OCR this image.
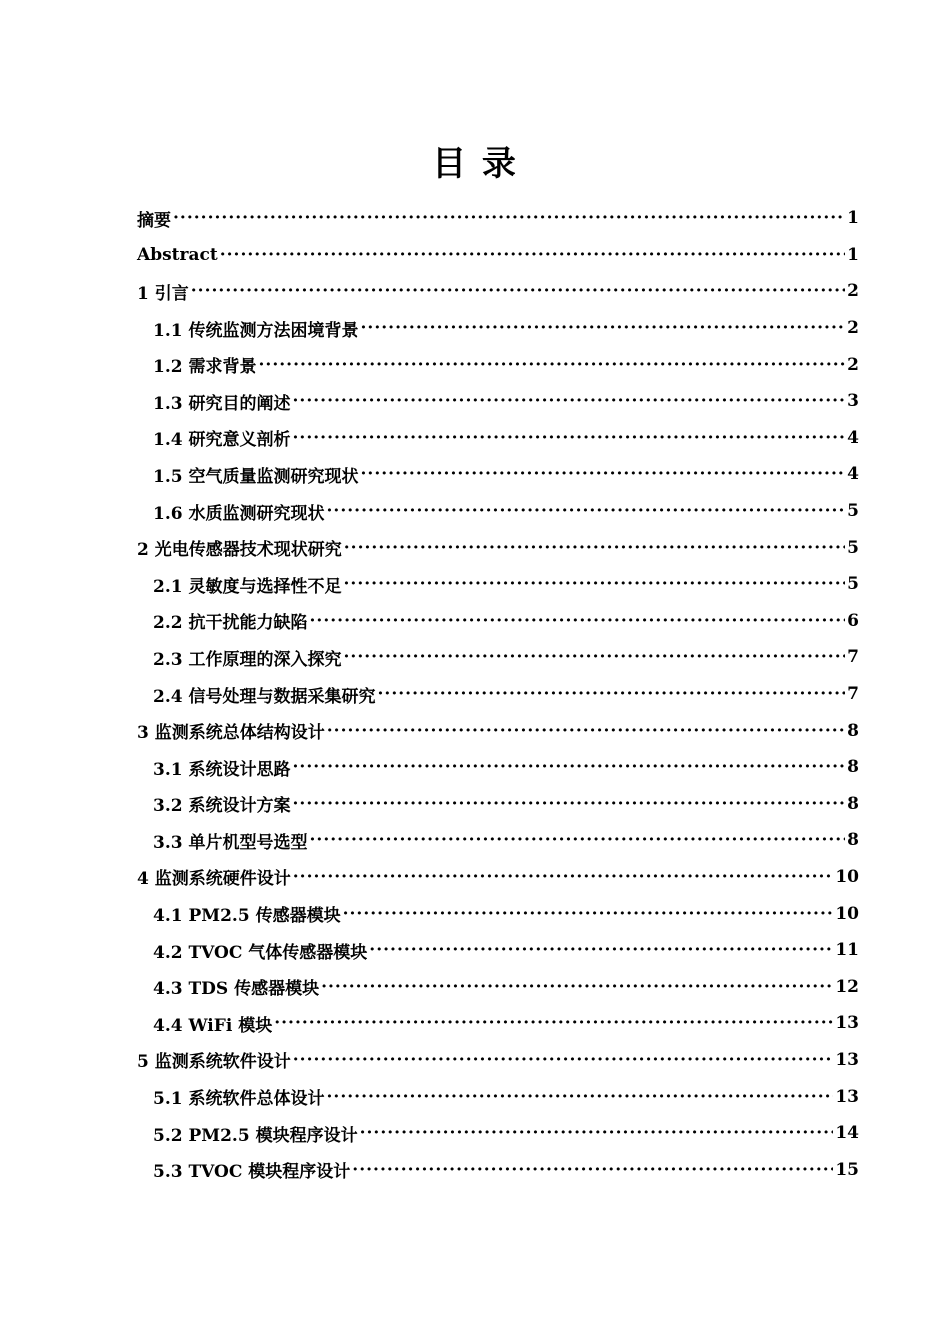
目 录
摘要 ·····	1
Abstract ·····	1
1 引言 ·····	2
1.1 传统监测方法困境背景 ·····	2
1.2 需求背景 ·····	2
1.3 研究目的阐述 ·····	3
1.4 研究意义剖析 ·····	4
1.5 空气质量监测研究现状 ·····	4
1.6 水质监测研究现状 ·····	5
2 光电传感器技术现状研究 ·····	5
2.1 灵敏度与选择性不足 ·····	5
2.2 抗干扰能力缺陷 ·····	6
2.3 工作原理的深入探究 ·····	7
2.4 信号处理与数据采集研究 ·····	7
3 监测系统总体结构设计 ·····	8
3.1 系统设计思路 ·····	8
3.2 系统设计方案 ·····	8
3.3 单片机型号选型 ·····	8
4 监测系统硬件设计 ·····	10
4.1 PM2.5 传感器模块 ·····	10
4.2 TVOC 气体传感器模块 ·····	11
4.3 TDS 传感器模块 ·····	12
4.4 WiFi 模块 ·····	13
5 监测系统软件设计 ·····	13
5.1 系统软件总体设计 ·····	13
5.2 PM2.5 模块程序设计 ·····	14
5.3 TVOC 模块程序设计 ·····	15
